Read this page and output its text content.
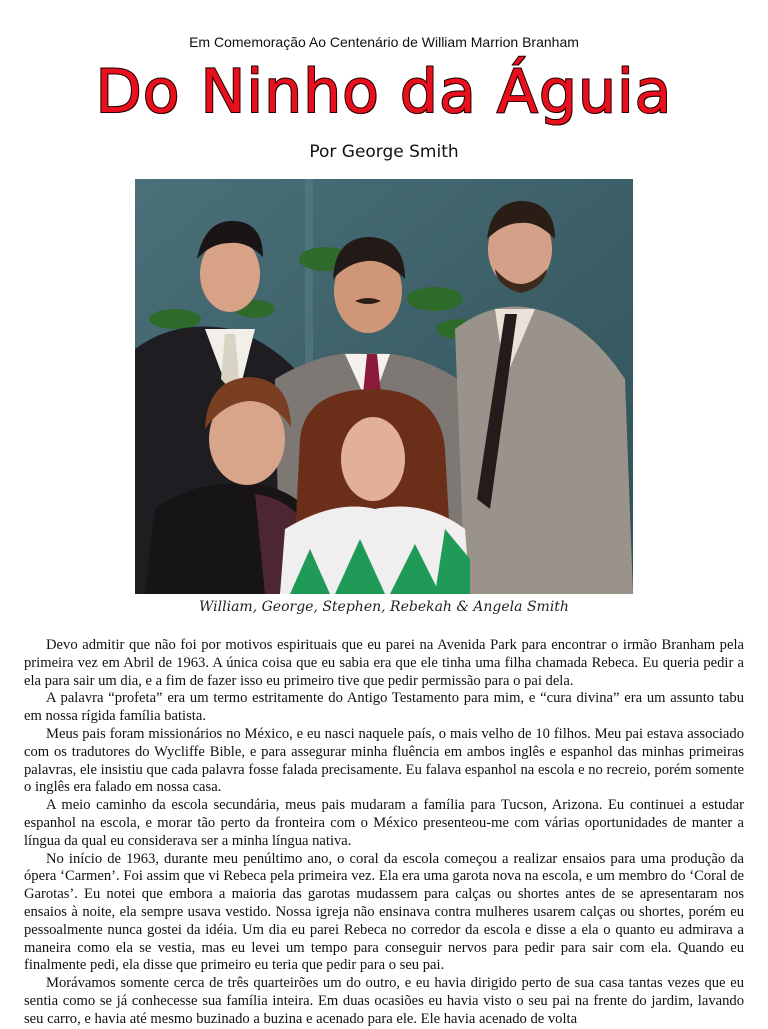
Em Comemoração Ao Centenário de William Marrion Branham
Do Ninho da Águia
Por George Smith
William, George, Stephen, Rebekah & Angela Smith

Devo admitir que não foi por motivos espirituais que eu parei na Avenida Park para encontrar o irmão Branham pela primeira vez em Abril de 1963. A única coisa que eu sabia era que ele tinha uma filha chamada Rebeca. Eu queria pedir a ela para sair um dia, e a fim de fazer isso eu primeiro tive que pedir permissão para o pai dela.

A palavra “profeta” era um termo estritamente do Antigo Testamento para mim, e “cura divina” era um assunto tabu em nossa rígida família batista.

Meus pais foram missionários no México, e eu nasci naquele país, o mais velho de 10 filhos. Meu pai estava associado com os tradutores do Wycliffe Bible, e para assegurar minha fluência em ambos inglês e espanhol das minhas primeiras palavras, ele insistiu que cada palavra fosse falada precisamente. Eu falava espanhol na escola e no recreio, porém somente o inglês era falado em nossa casa.

A meio caminho da escola secundária, meus pais mudaram a família para Tucson, Arizona. Eu continuei a estudar espanhol na escola, e morar tão perto da fronteira com o México presenteou-me com várias oportunidades de manter a língua da qual eu considerava ser a minha língua nativa.

No início de 1963, durante meu penúltimo ano, o coral da escola começou a realizar ensaios para uma produção da ópera ‘Carmen’. Foi assim que vi Rebeca pela primeira vez. Ela era uma garota nova na escola, e um membro do ‘Coral de Garotas’. Eu notei que embora a maioria das garotas mudassem para calças ou shortes antes de se apresentaram nos ensaios à noite, ela sempre usava vestido. Nossa igreja não ensinava contra mulheres usarem calças ou shortes, porém eu pessoalmente nunca gostei da idéia. Um dia eu parei Rebeca no corredor da escola e disse a ela o quanto eu admirava a maneira como ela se vestia, mas eu levei um tempo para conseguir nervos para pedir para sair com ela. Quando eu finalmente pedi, ela disse que primeiro eu teria que pedir para o seu pai.

Morávamos somente cerca de três quarteirões um do outro, e eu havia dirigido perto de sua casa tantas vezes que eu sentia como se já conhecesse sua família inteira. Em duas ocasiões eu havia visto o seu pai na frente do jardim, lavando seu carro, e havia até mesmo buzinado a buzina e acenado para ele. Ele havia acenado de volta
